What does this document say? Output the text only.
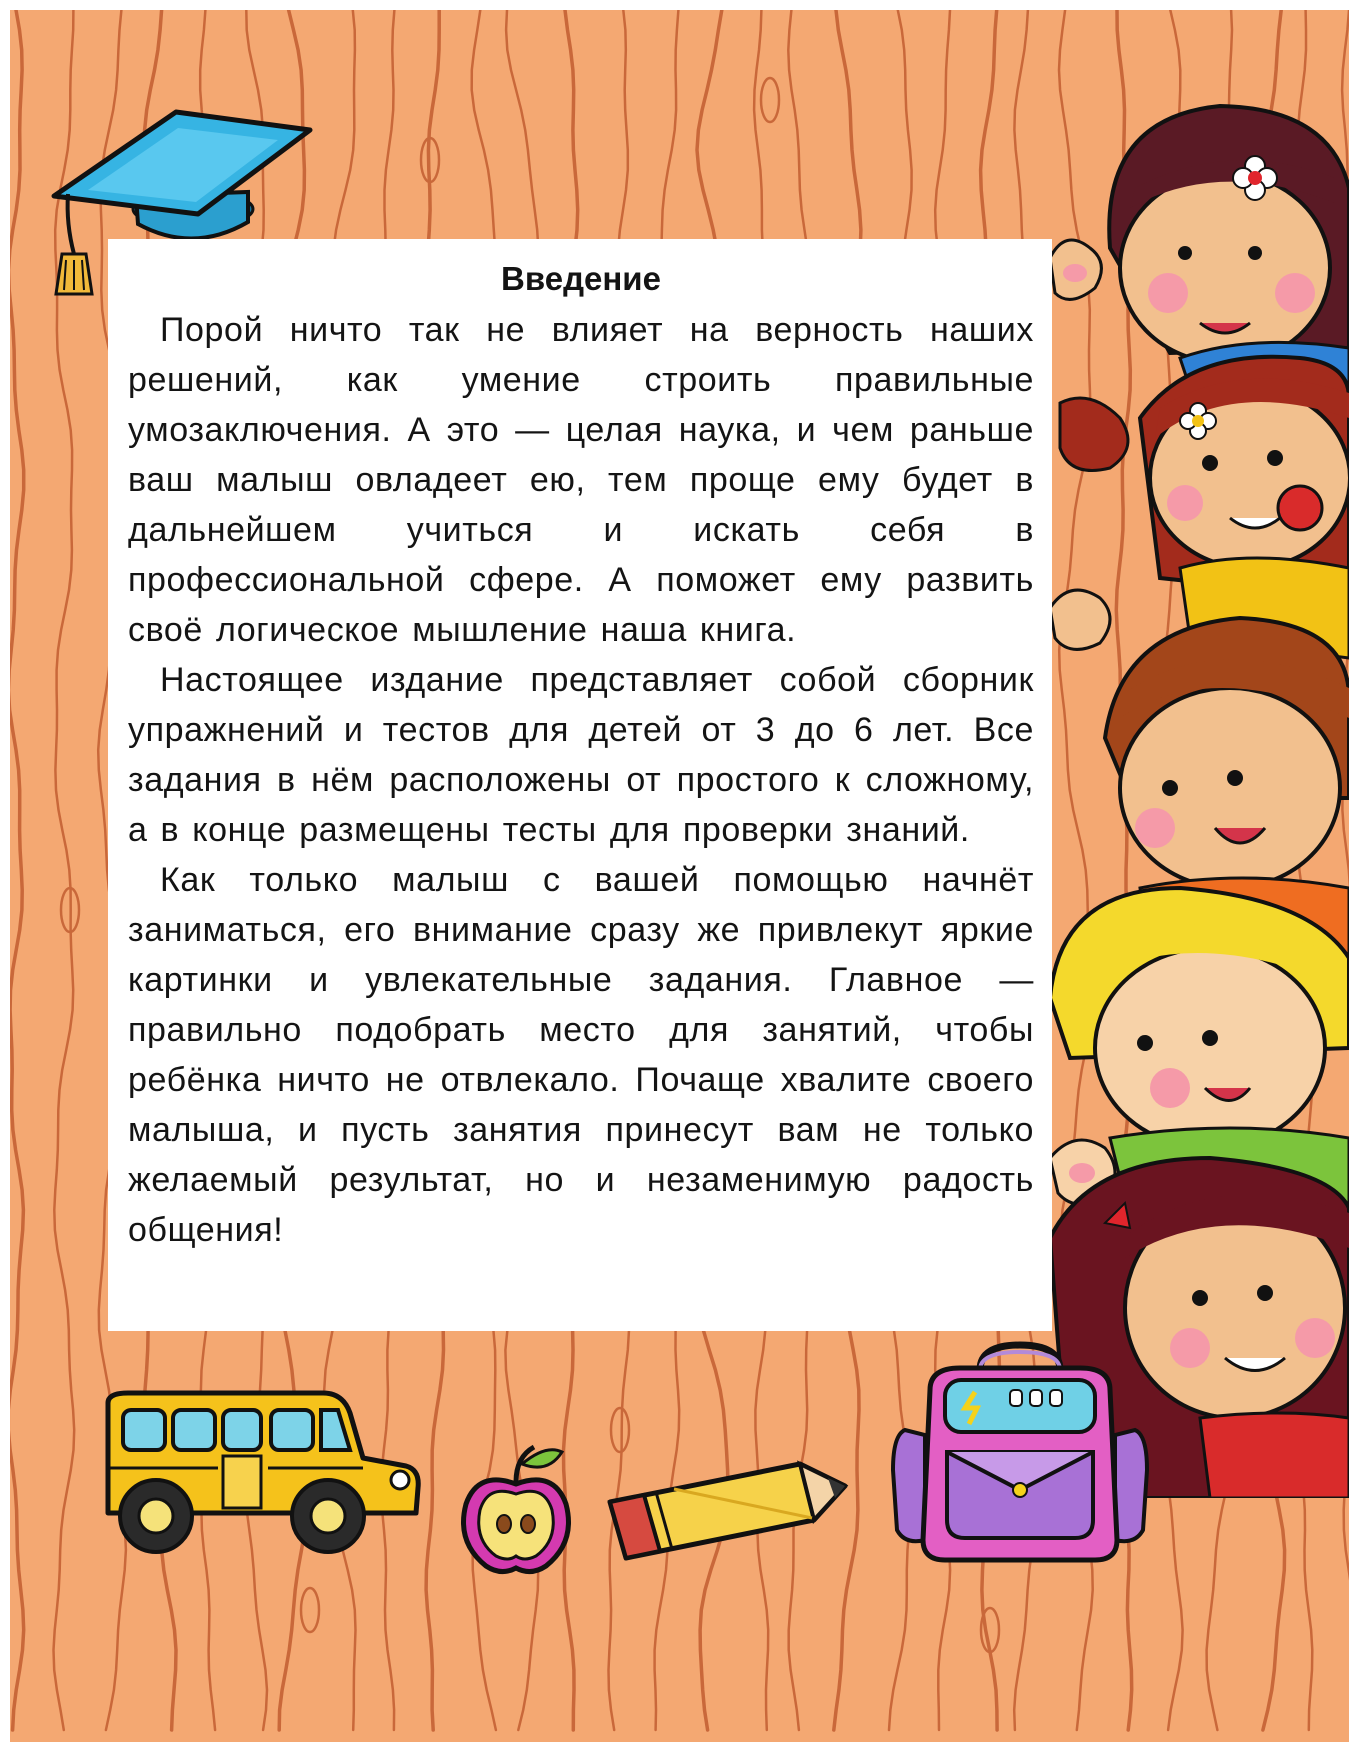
Введение

Порой ничто так не влияет на верность наших решений, как умение строить правильные умозаключения. А это — целая наука, и чем раньше ваш малыш овладеет ею, тем проще ему будет в дальнейшем учиться и искать себя в профессиональной сфере. А поможет ему развить своё логическое мышление наша книга.

Настоящее издание представляет собой сборник упражнений и тестов для детей от 3 до 6 лет. Все задания в нём расположены от простого к сложному, а в конце размещены тесты для проверки знаний.

Как только малыш с вашей помощью начнёт заниматься, его внимание сразу же привлекут яркие картинки и увлекательные задания. Главное — правильно подобрать место для занятий, чтобы ребёнка ничто не отвлекало. Почаще хвалите своего малыша, и пусть занятия принесут вам не только желаемый результат, но и незаменимую радость общения!
